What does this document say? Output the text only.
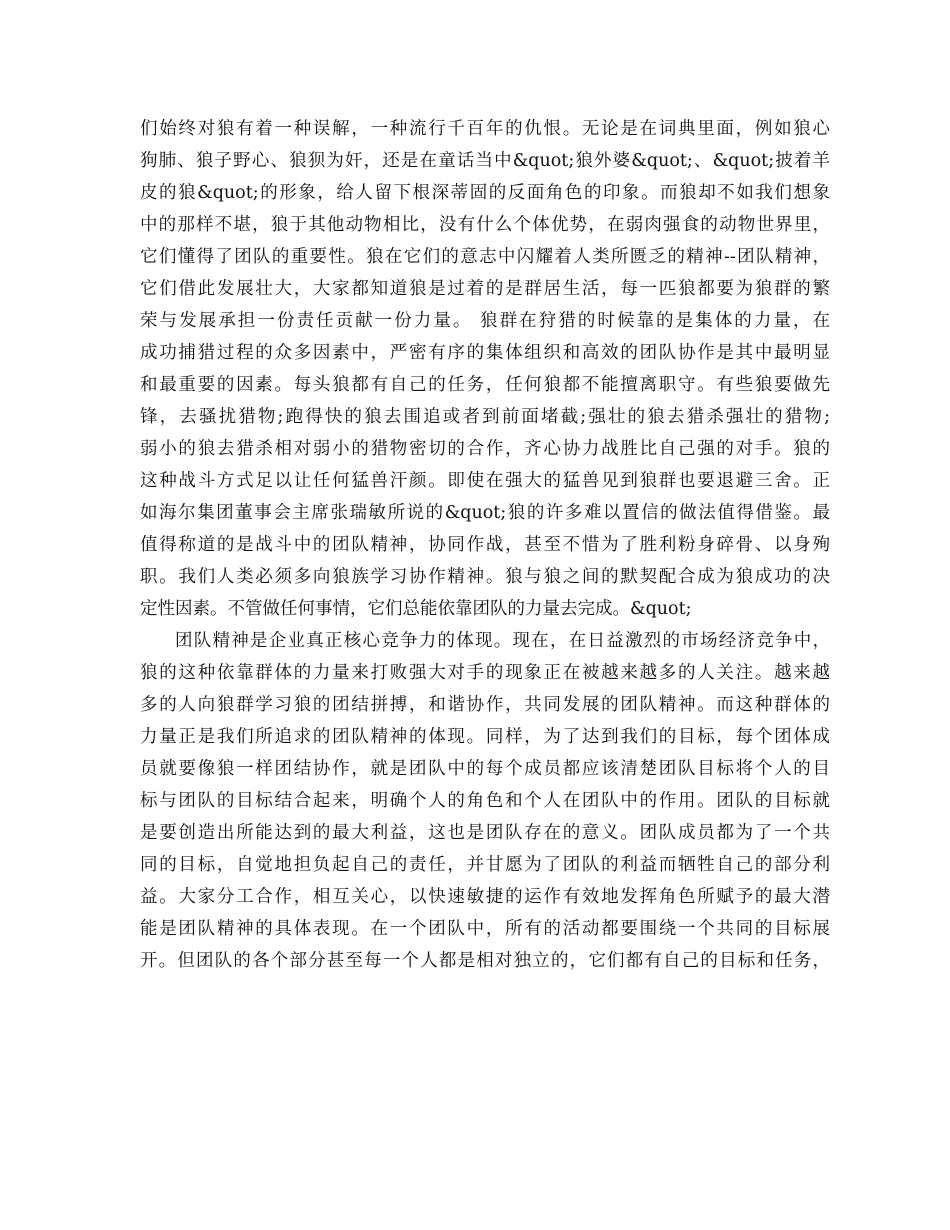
们始终对狼有着一种误解，一种流行千百年的仇恨。无论是在词典里面，例如狼心
狗肺、狼子野心、狼狈为奸，还是在童话当中&quot;狼外婆&quot;、&quot;披着羊
皮的狼&quot;的形象，给人留下根深蒂固的反面角色的印象。而狼却不如我们想象
中的那样不堪，狼于其他动物相比，没有什么个体优势，在弱肉强食的动物世界里，
它们懂得了团队的重要性。狼在它们的意志中闪耀着人类所匮乏的精神--团队精神，
它们借此发展壮大，大家都知道狼是过着的是群居生活，每一匹狼都要为狼群的繁
荣与发展承担一份责任贡献一份力量。 狼群在狩猎的时候靠的是集体的力量，在
成功捕猎过程的众多因素中，严密有序的集体组织和高效的团队协作是其中最明显
和最重要的因素。每头狼都有自己的任务，任何狼都不能擅离职守。有些狼要做先
锋，去骚扰猎物;跑得快的狼去围追或者到前面堵截;强壮的狼去猎杀强壮的猎物;
弱小的狼去猎杀相对弱小的猎物密切的合作，齐心协力战胜比自己强的对手。狼的
这种战斗方式足以让任何猛兽汗颜。即使在强大的猛兽见到狼群也要退避三舍。正
如海尔集团董事会主席张瑞敏所说的&quot;狼的许多难以置信的做法值得借鉴。最
值得称道的是战斗中的团队精神，协同作战，甚至不惜为了胜利粉身碎骨、以身殉
职。我们人类必须多向狼族学习协作精神。狼与狼之间的默契配合成为狼成功的决
定性因素。不管做任何事情，它们总能依靠团队的力量去完成。&quot;
团队精神是企业真正核心竞争力的体现。现在，在日益激烈的市场经济竞争中，
狼的这种依靠群体的力量来打败强大对手的现象正在被越来越多的人关注。越来越
多的人向狼群学习狼的团结拼搏，和谐协作，共同发展的团队精神。而这种群体的
力量正是我们所追求的团队精神的体现。同样，为了达到我们的目标，每个团体成
员就要像狼一样团结协作，就是团队中的每个成员都应该清楚团队目标将个人的目
标与团队的目标结合起来，明确个人的角色和个人在团队中的作用。团队的目标就
是要创造出所能达到的最大利益，这也是团队存在的意义。团队成员都为了一个共
同的目标，自觉地担负起自己的责任，并甘愿为了团队的利益而牺牲自己的部分利
益。大家分工合作，相互关心，以快速敏捷的运作有效地发挥角色所赋予的最大潜
能是团队精神的具体表现。在一个团队中，所有的活动都要围绕一个共同的目标展
开。但团队的各个部分甚至每一个人都是相对独立的，它们都有自己的目标和任务，
